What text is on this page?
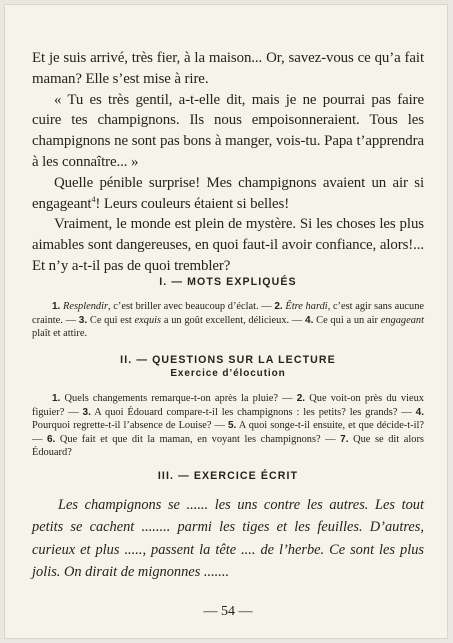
Et je suis arrivé, très fier, à la maison... Or, savez-vous ce qu’a fait maman? Elle s’est mise à rire.

« Tu es très gentil, a-t-elle dit, mais je ne pourrai pas faire cuire tes champignons. Ils nous empoisonneraient. Tous les champignons ne sont pas bons à manger, vois-tu. Papa t’apprendra à les connaître... »

Quelle pénible surprise! Mes champignons avaient un air si engageant$^4$! Leurs couleurs étaient si belles!

Vraiment, le monde est plein de mystère. Si les choses les plus aimables sont dangereuses, en quoi faut-il avoir confiance, alors!... Et n’y a-t-il pas de quoi trembler?

I. — MOTS EXPLIQUÉS

1. Resplendir, c’est briller avec beaucoup d’éclat. — 2. Être hardi, c’est agir sans aucune crainte. — 3. Ce qui est exquis a un goût excellent, délicieux. — 4. Ce qui a un air engageant plaît et attire.

II. — QUESTIONS SUR LA LECTURE
Exercice d’élocution

1. Quels changements remarque-t-on après la pluie? — 2. Que voit-on près du vieux figuier? — 3. A quoi Édouard compare-t-il les champignons : les petits? les grands? — 4. Pourquoi regrette-t-il l’absence de Louise? — 5. A quoi songe-t-il ensuite, et que décide-t-il? — 6. Que fait et que dit la maman, en voyant les champignons? — 7. Que se dit alors Édouard?

III. — EXERCICE ÉCRIT

Les champignons se ...... les uns contre les autres. Les tout petits se cachent ........ parmi les tiges et les feuilles. D’autres, curieux et plus ....., passent la tête .... de l’herbe. Ce sont les plus jolis. On dirait de mignonnes .......

— 54 —
